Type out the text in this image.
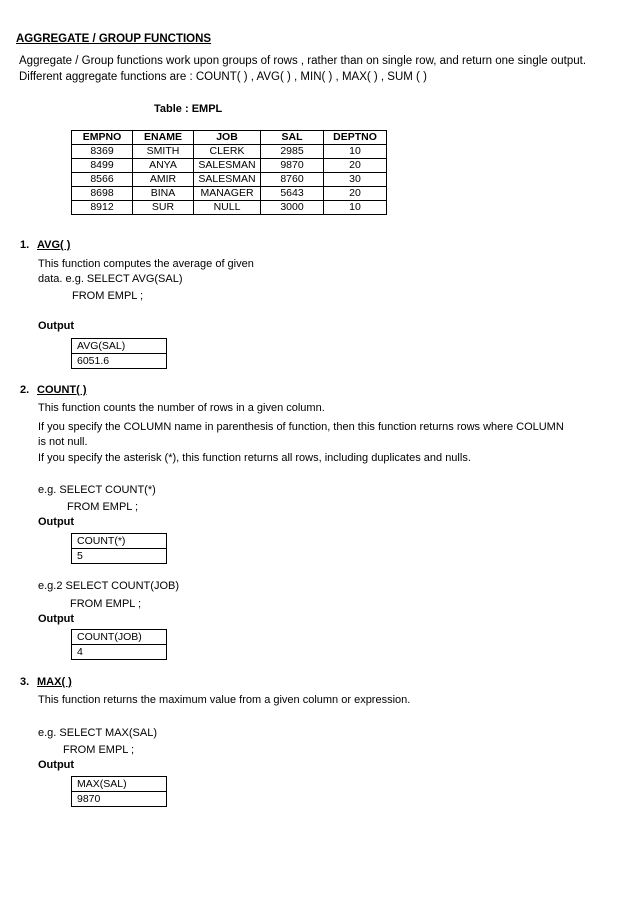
AGGREGATE / GROUP FUNCTIONS
Aggregate / Group functions work upon groups of rows , rather than on single row, and return one single output. Different aggregate functions are : COUNT( ) , AVG( ) , MIN( ) , MAX( ) , SUM ( )
Table : EMPL
EMPNO	ENAME	JOB	SAL	DEPTNO
8369	SMITH	CLERK	2985	10
8499	ANYA	SALESMAN	9870	20
8566	AMIR	SALESMAN	8760	30
8698	BINA	MANAGER	5643	20
8912	SUR	NULL	3000	10
1. AVG( )
This function computes the average of given
data. e.g. SELECT AVG(SAL)
FROM EMPL ;
Output
AVG(SAL)
6051.6
2. COUNT( )
This function counts the number of rows in a given column.
If you specify the COLUMN name in parenthesis of function, then this function returns rows where COLUMN
is not null.
If you specify the asterisk (*), this function returns all rows, including duplicates and nulls.
e.g. SELECT COUNT(*)
FROM EMPL ;
Output
COUNT(*)
5
e.g.2 SELECT COUNT(JOB)
FROM EMPL ;
Output
COUNT(JOB)
4
3. MAX( )
This function returns the maximum value from a given column or expression.
e.g. SELECT MAX(SAL)
FROM EMPL ;
Output
MAX(SAL)
9870
